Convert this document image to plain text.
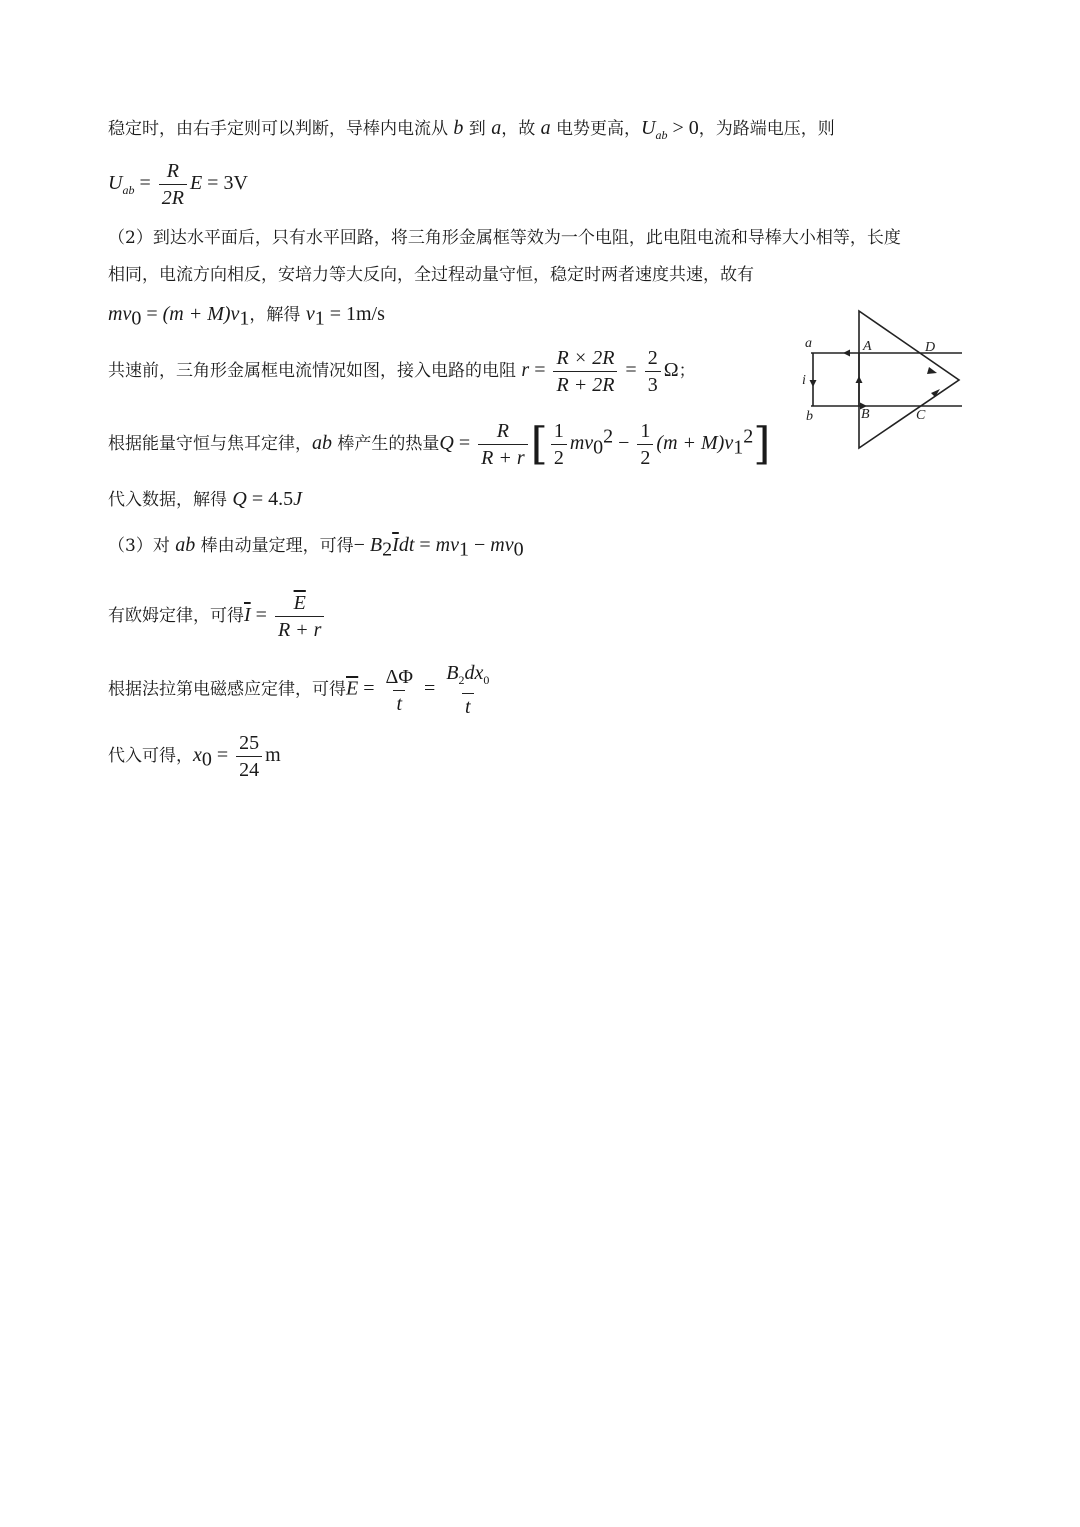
稳定时，由右手定则可以判断，导棒内电流从 b 到 a，故 a 电势更高，$U_{ab} > 0$，为路端电压，则
$U_{ab} = \frac{R}{2R}$ E = 3V
（2）到达水平面后，只有水平回路，将三角形金属框等效为一个电阻，此电阻电流和导棒大小相等，长度
相同，电流方向相反，安培力等大反向，全过程动量守恒，稳定时两者速度共速，故有
$mv_0 = (m + M)v_1$，解得 $v_1 = 1m/s$
共速前，三角形金属框电流情况如图，接入电路的电阻 $r = \frac{R \times 2R}{R + 2R} = \frac{2}{3}$ Ω；
根据能量守恒与焦耳定律，ab 棒产生的热量$Q = \frac{R}{R + r}$ [ $\frac{1}{2} mv_0^2 - \frac{1}{2} (m + M)v_1^2$]
代入数据，解得 Q = 4.5J
（3）对 ab 棒由动量定理，可得− $B_2\overline{I}dt = mv_1 - mv_0$
有欧姆定律，可得$\overline{I} = \frac{\overline{E}}{R + r}$
根据法拉第电磁感应定律，可得$\overline{E} = \frac{\Delta\Phi}{t} = \frac{B_2dx_0}{t}$
代入可得，$x_0 = \frac{25}{24}$ m
a
b
i
A
B	C
D
